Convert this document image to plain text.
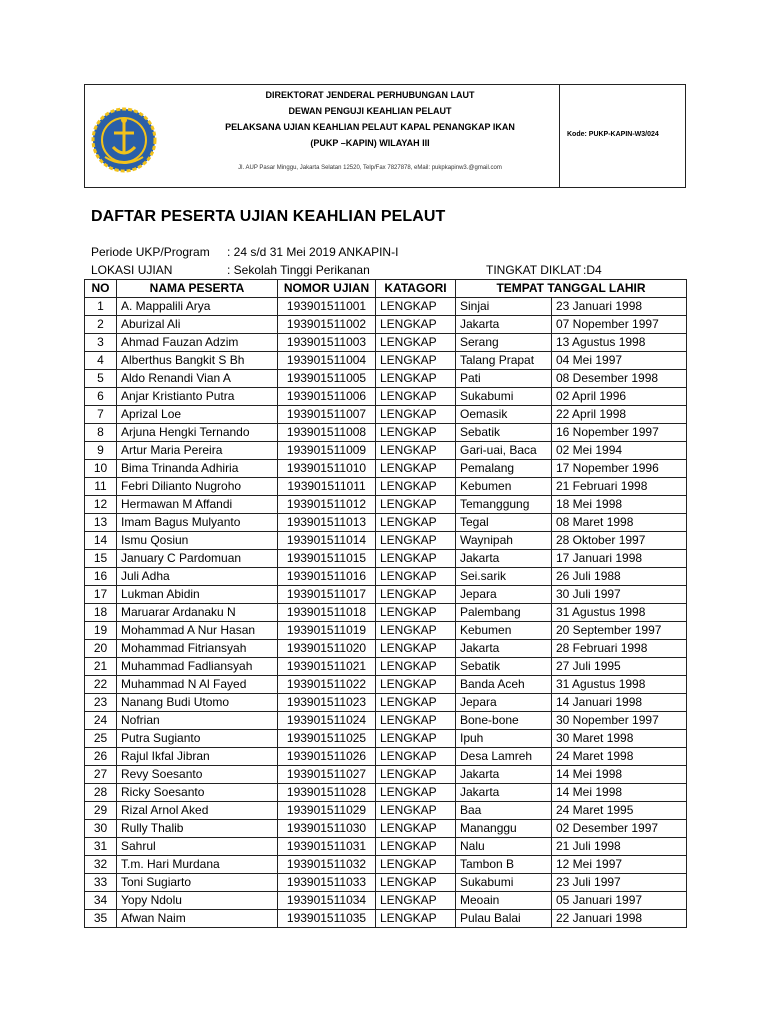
DIREKTORAT JENDERAL PERHUBUNGAN LAUT
DEWAN PENGUJI KEAHLIAN PELAUT
PELAKSANA UJIAN KEAHLIAN PELAUT KAPAL PENANGKAP IKAN
(PUKP –KAPIN) WILAYAH III
Jl. AUP Pasar Minggu, Jakarta Selatan 12520, Telp/Fax 7827878, eMail: pukpkapinw3.@gmail.com
Kode: PUKP-KAPIN-W3/024
DAFTAR PESERTA UJIAN KEAHLIAN PELAUT
Periode UKP/Program : 24 s/d 31 Mei 2019 ANKAPIN-I
LOKASI UJIAN	: Sekolah Tinggi Perikanan	TINGKAT DIKLAT :D4
NO	NAMA PESERTA	NOMOR UJIAN	KATAGORI	TEMPAT TANGGAL LAHIR	
1	A. Mappalili Arya	193901511001	LENGKAP	Sinjai	23 Januari 1998
2	Aburizal Ali	193901511002	LENGKAP	Jakarta	07 Nopember 1997
3	Ahmad Fauzan Adzim	193901511003	LENGKAP	Serang	13 Agustus 1998
4	Alberthus Bangkit S Bh	193901511004	LENGKAP	Talang Prapat	04 Mei 1997
5	Aldo Renandi Vian A	193901511005	LENGKAP	Pati	08 Desember 1998
6	Anjar Kristianto Putra	193901511006	LENGKAP	Sukabumi	02 April 1996
7	Aprizal Loe	193901511007	LENGKAP	Oemasik	22 April 1998
8	Arjuna Hengki Ternando	193901511008	LENGKAP	Sebatik	16 Nopember 1997
9	Artur Maria Pereira	193901511009	LENGKAP	Gari-uai, Baca	02 Mei 1994
10	Bima Trinanda Adhiria	193901511010	LENGKAP	Pemalang	17 Nopember 1996
11	Febri Dilianto Nugroho	193901511011	LENGKAP	Kebumen	21 Februari 1998
12	Hermawan M Affandi	193901511012	LENGKAP	Temanggung	18 Mei 1998
13	Imam Bagus Mulyanto	193901511013	LENGKAP	Tegal	08 Maret 1998
14	Ismu Qosiun	193901511014	LENGKAP	Waynipah	28 Oktober 1997
15	January C Pardomuan	193901511015	LENGKAP	Jakarta	17 Januari 1998
16	Juli Adha	193901511016	LENGKAP	Sei.sarik	26 Juli 1988
17	Lukman Abidin	193901511017	LENGKAP	Jepara	30 Juli 1997
18	Maruarar Ardanaku N	193901511018	LENGKAP	Palembang	31 Agustus 1998
19	Mohammad A Nur Hasan	193901511019	LENGKAP	Kebumen	20 September 1997
20	Mohammad Fitriansyah	193901511020	LENGKAP	Jakarta	28 Februari 1998
21	Muhammad Fadliansyah	193901511021	LENGKAP	Sebatik	27 Juli 1995
22	Muhammad N Al Fayed	193901511022	LENGKAP	Banda Aceh	31 Agustus 1998
23	Nanang Budi Utomo	193901511023	LENGKAP	Jepara	14 Januari 1998
24	Nofrian	193901511024	LENGKAP	Bone-bone	30 Nopember 1997
25	Putra Sugianto	193901511025	LENGKAP	Ipuh	30 Maret 1998
26	Rajul Ikfal Jibran	193901511026	LENGKAP	Desa Lamreh	24 Maret 1998
27	Revy Soesanto	193901511027	LENGKAP	Jakarta	14 Mei 1998
28	Ricky Soesanto	193901511028	LENGKAP	Jakarta	14 Mei 1998
29	Rizal Arnol Aked	193901511029	LENGKAP	Baa	24 Maret 1995
30	Rully Thalib	193901511030	LENGKAP	Mananggu	02 Desember 1997
31	Sahrul	193901511031	LENGKAP	Nalu	21 Juli 1998
32	T.m. Hari Murdana	193901511032	LENGKAP	Tambon B	12 Mei 1997
33	Toni Sugiarto	193901511033	LENGKAP	Sukabumi	23 Juli 1997
34	Yopy Ndolu	193901511034	LENGKAP	Meoain	05 Januari 1997
35	Afwan Naim	193901511035	LENGKAP	Pulau Balai	22 Januari 1998
